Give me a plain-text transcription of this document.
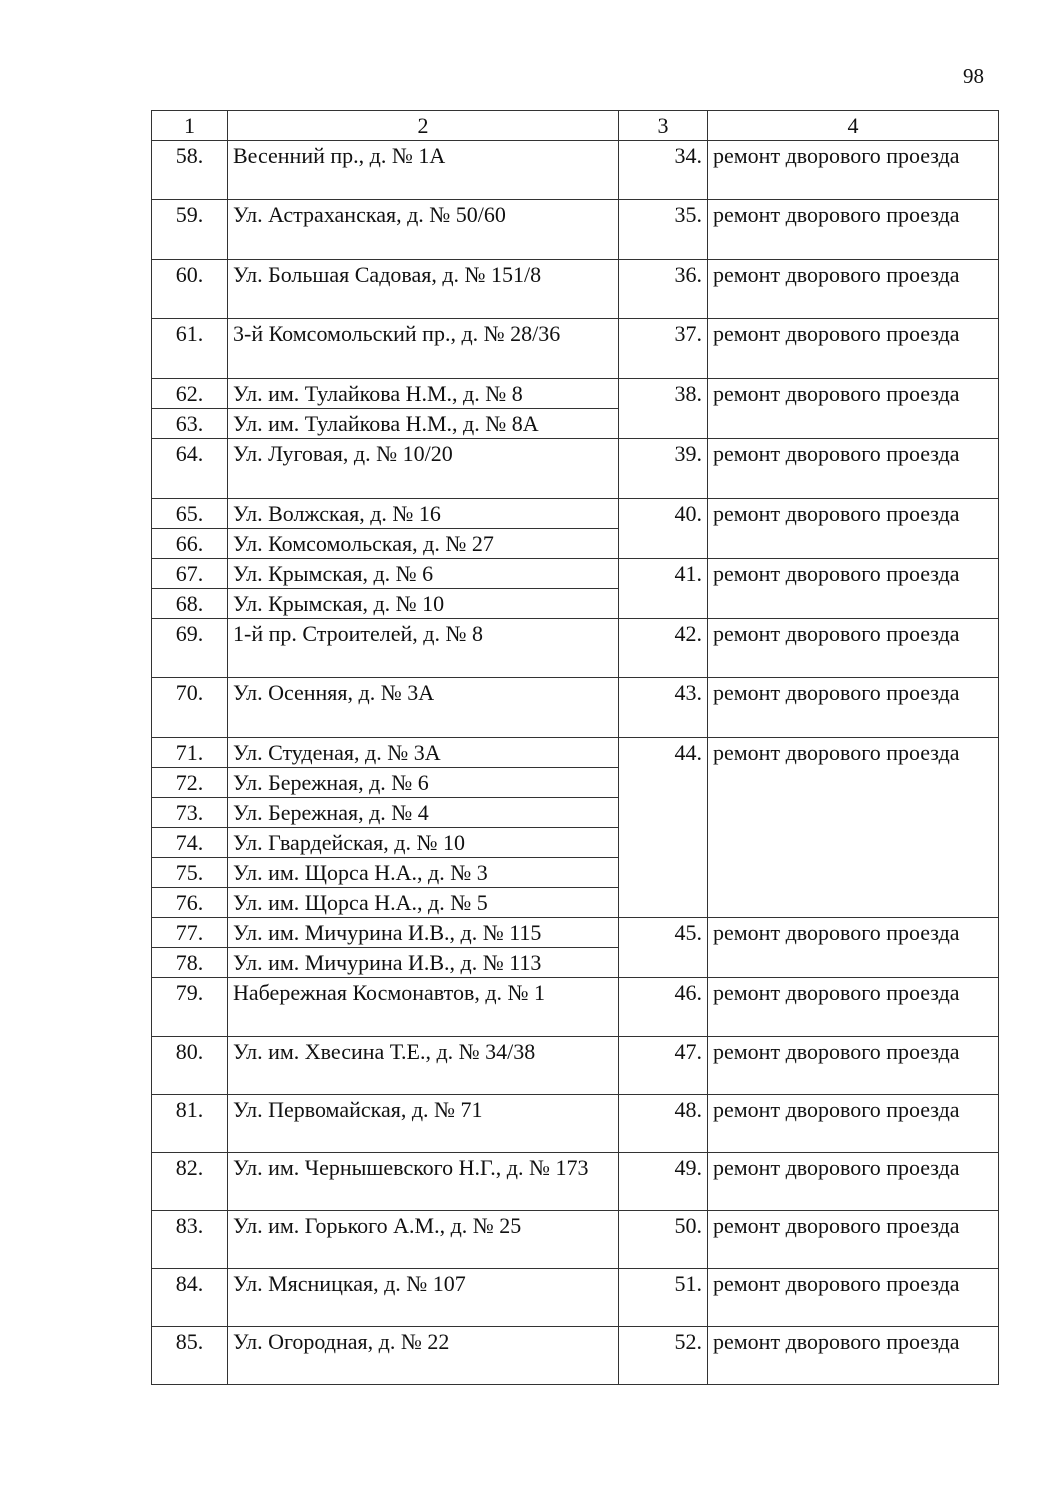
98
1	2	3	4
58.	Весенний пр., д. № 1А	34.	ремонт дворового проезда
59.	Ул. Астраханская, д. № 50/60	35.	ремонт дворового проезда
60.	Ул. Большая Садовая, д. № 151/8	36.	ремонт дворового проезда
61.	3-й Комсомольский пр., д. № 28/36	37.	ремонт дворового проезда
62.	Ул. им. Тулайкова Н.М., д. № 8	38.	ремонт дворового проезда
63.	Ул. им. Тулайкова Н.М., д. № 8А		
64.	Ул. Луговая, д. № 10/20	39.	ремонт дворового проезда
65.	Ул. Волжская, д. № 16	40.	ремонт дворового проезда
66.	Ул. Комсомольская, д. № 27		
67.	Ул. Крымская, д. № 6	41.	ремонт дворового проезда
68.	Ул. Крымская, д. № 10		
69.	1-й пр. Строителей, д. № 8	42.	ремонт дворового проезда
70.	Ул. Осенняя, д. № 3А	43.	ремонт дворового проезда
71.	Ул. Студеная, д. № 3А	44.	ремонт дворового проезда
72.	Ул. Бережная, д. № 6		
73.	Ул. Бережная, д. № 4		
74.	Ул. Гвардейская, д. № 10		
75.	Ул. им. Щорса Н.А., д. № 3		
76.	Ул. им. Щорса Н.А., д. № 5		
77.	Ул. им. Мичурина И.В., д. № 115	45.	ремонт дворового проезда
78.	Ул. им. Мичурина И.В., д. № 113		
79.	Набережная Космонавтов, д. № 1	46.	ремонт дворового проезда
80.	Ул. им. Хвесина Т.Е., д. № 34/38	47.	ремонт дворового проезда
81.	Ул. Первомайская, д. № 71	48.	ремонт дворового проезда
82.	Ул. им. Чернышевского Н.Г., д. № 173	49.	ремонт дворового проезда
83.	Ул. им. Горького А.М., д. № 25	50.	ремонт дворового проезда
84.	Ул. Мясницкая, д. № 107	51.	ремонт дворового проезда
85.	Ул. Огородная, д. № 22	52.	ремонт дворового проезда
